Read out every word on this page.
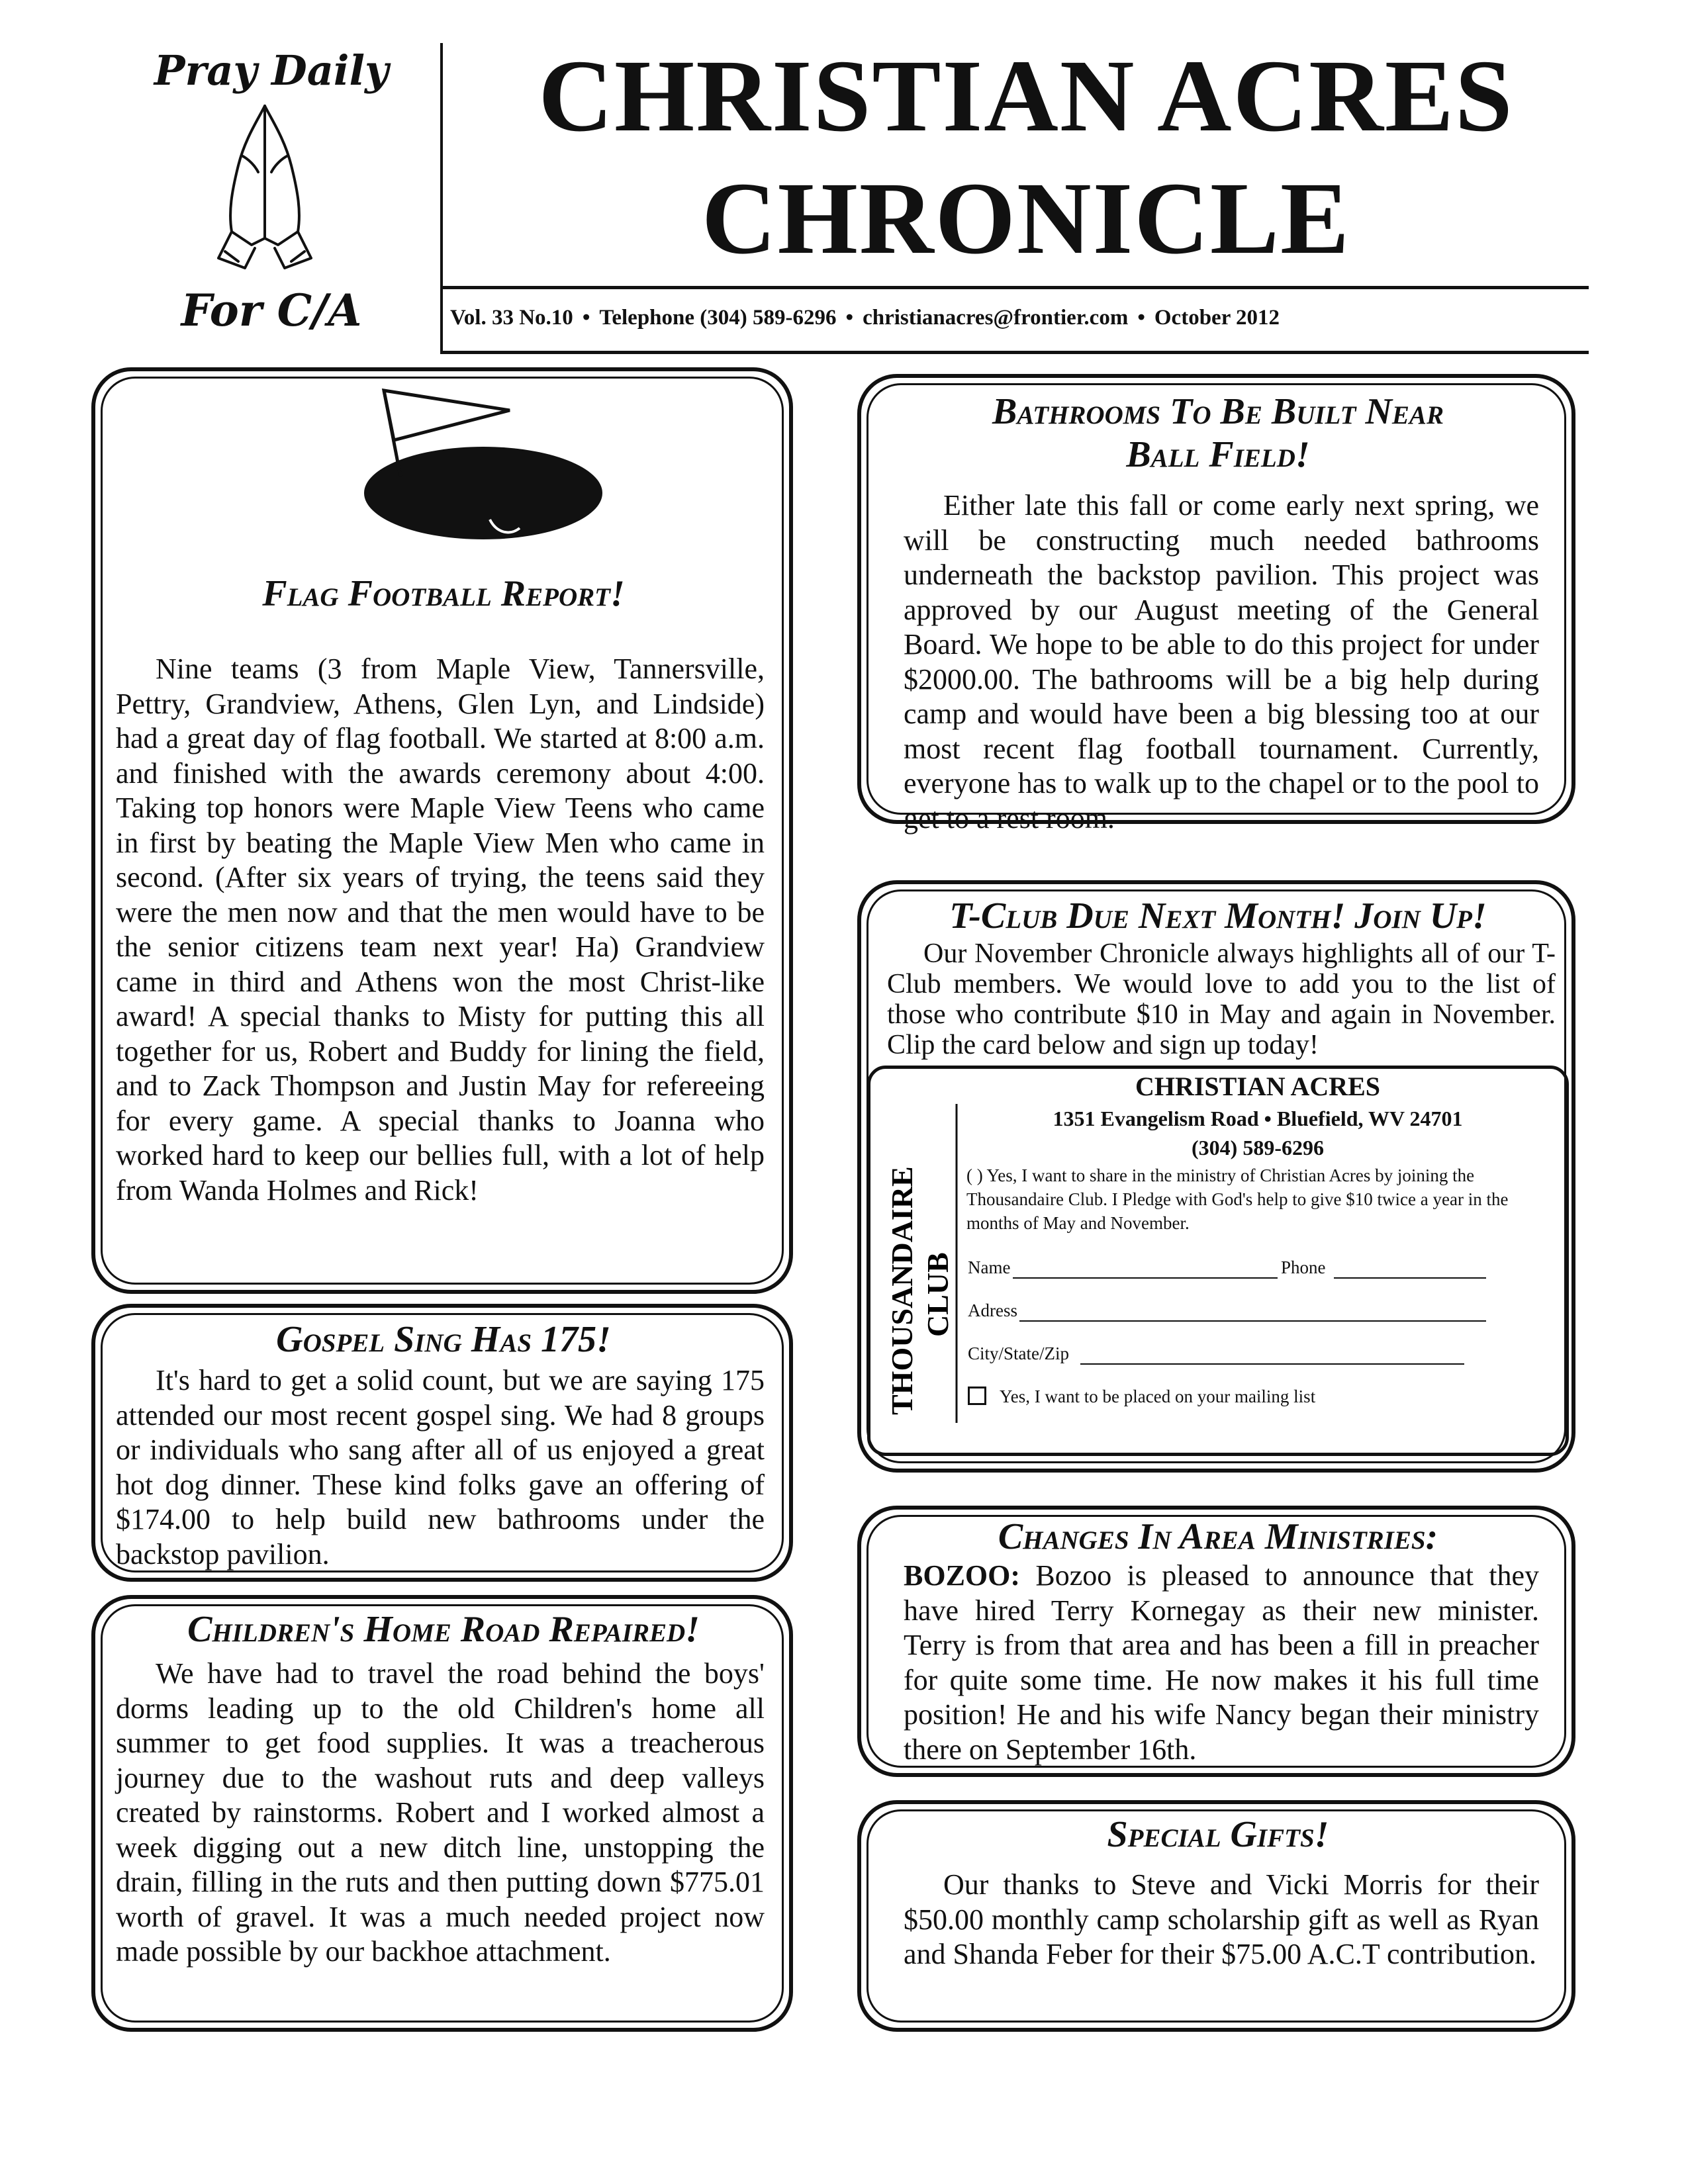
Pray Daily
For C/A
CHRISTIAN ACRES
CHRONICLE
Vol. 33 No.10 • Telephone (304) 589-6296 • christianacres@frontier.com • October 2012
Flag Football Report!

Nine teams (3 from Maple View, Tannersville, Pettry, Grandview, Athens, Glen Lyn, and Lindside) had a great day of flag football. We started at 8:00 a.m. and finished with the awards ceremony about 4:00. Taking top honors were Maple View Teens who came in first by beating the Maple View Men who came in second. (After six years of trying, the teens said they were the men now and that the men would have to be the senior citizens team next year! Ha) Grandview came in third and Athens won the most Christ-like award! A special thanks to Misty for putting this all together for us, Robert and Buddy for lining the field, and to Zack Thompson and Justin May for refereeing for every game. A special thanks to Joanna who worked hard to keep our bellies full, with a lot of help from Wanda Holmes and Rick!

Gospel Sing Has 175!

It's hard to get a solid count, but we are saying 175 attended our most recent gospel sing. We had 8 groups or individuals who sang after all of us enjoyed a great hot dog dinner. These kind folks gave an offering of $174.00 to help build new bathrooms under the backstop pavilion.

Children's Home Road Repaired!

We have had to travel the road behind the boys' dorms leading up to the old Children's home all summer to get food supplies. It was a treacherous journey due to the washout ruts and deep valleys created by rainstorms. Robert and I worked almost a week digging out a new ditch line, unstopping the drain, filling in the ruts and then putting down $775.01 worth of gravel. It was a much needed project now made possible by our backhoe attachment.

Bathrooms To Be Built Near
Ball Field!

Either late this fall or come early next spring, we will be constructing much needed bathrooms underneath the backstop pavilion. This project was approved by our August meeting of the General Board. We hope to be able to do this project for under $2000.00. The bathrooms will be a big help during camp and would have been a big blessing too at our most recent flag football tournament. Currently, everyone has to walk up to the chapel or to the pool to get to a rest room.

T-Club Due Next Month! Join Up!

Our November Chronicle always highlights all of our T-Club members. We would love to add you to the list of those who contribute $10 in May and again in November. Clip the card below and sign up today!

THOUSANDAIRE CLUB
CHRISTIAN ACRES
1351 Evangelism Road • Bluefield, WV 24701
(304) 589-6296
( ) Yes, I want to share in the ministry of Christian Acres by joining the Thousandaire Club. I Pledge with God's help to give $10 twice a year in the months of May and November.
Name	Phone
Adress
City/State/Zip
Yes, I want to be placed on your mailing list
Changes In Area Ministries:

BOZOO: Bozoo is pleased to announce that they have hired Terry Kornegay as their new minister. Terry is from that area and has been a fill in preacher for quite some time. He now makes it his full time position! He and his wife Nancy began their ministry there on September 16th.

Special Gifts!

Our thanks to Steve and Vicki Morris for their $50.00 monthly camp scholarship gift as well as Ryan and Shanda Feber for their $75.00 A.C.T contribution.
